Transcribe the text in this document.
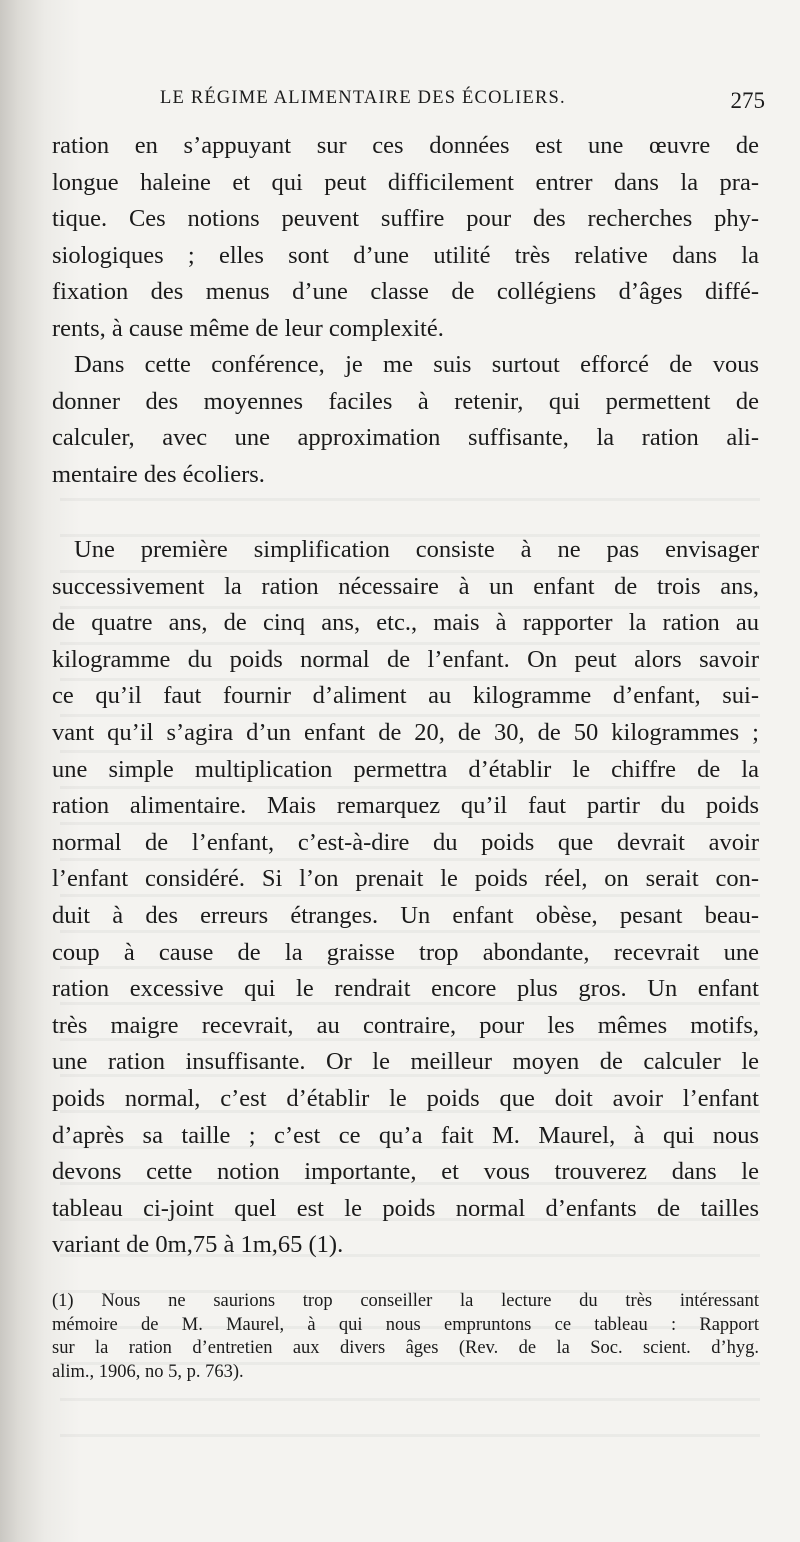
LE RÉGIME ALIMENTAIRE DES ÉCOLIERS.	275
ration en s’appuyant sur ces données est une œuvre de
longue haleine et qui peut difficilement entrer dans la pra-
tique. Ces notions peuvent suffire pour des recherches phy-
siologiques ; elles sont d’une utilité très relative dans la
fixation des menus d’une classe de collégiens d’âges diffé-
rents, à cause même de leur complexité.
Dans cette conférence, je me suis surtout efforcé de vous
donner des moyennes faciles à retenir, qui permettent de
calculer, avec une approximation suffisante, la ration ali-
mentaire des écoliers.
Une première simplification consiste à ne pas envisager
successivement la ration nécessaire à un enfant de trois ans,
de quatre ans, de cinq ans, etc., mais à rapporter la ration au
kilogramme du poids normal de l’enfant. On peut alors savoir
ce qu’il faut fournir d’aliment au kilogramme d’enfant, sui-
vant qu’il s’agira d’un enfant de 20, de 30, de 50 kilogrammes ;
une simple multiplication permettra d’établir le chiffre de la
ration alimentaire. Mais remarquez qu’il faut partir du poids
normal de l’enfant, c’est-à-dire du poids que devrait avoir
l’enfant considéré. Si l’on prenait le poids réel, on serait con-
duit à des erreurs étranges. Un enfant obèse, pesant beau-
coup à cause de la graisse trop abondante, recevrait une
ration excessive qui le rendrait encore plus gros. Un enfant
très maigre recevrait, au contraire, pour les mêmes motifs,
une ration insuffisante. Or le meilleur moyen de calculer le
poids normal, c’est d’établir le poids que doit avoir l’enfant
d’après sa taille ; c’est ce qu’a fait M. Maurel, à qui nous
devons cette notion importante, et vous trouverez dans le
tableau ci-joint quel est le poids normal d’enfants de tailles
variant de 0m,75 à 1m,65 (1).
(1) Nous ne saurions trop conseiller la lecture du très intéressant
mémoire de M. Maurel, à qui nous empruntons ce tableau : Rapport
sur la ration d’entretien aux divers âges (Rev. de la Soc. scient. d’hyg.
alim., 1906, no 5, p. 763).
